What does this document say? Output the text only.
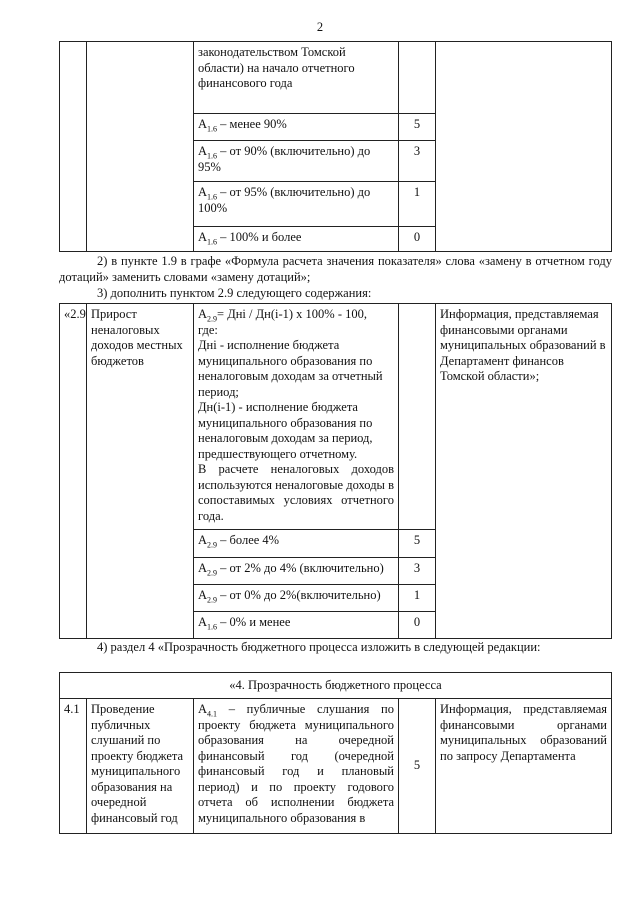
2
		законодательством Томской области) на начало отчетного финансового года		
		$А_{1.6}$ – менее 90%	5	
		$А_{1.6}$ – от 90% (включительно) до 95%	3	
		$А_{1.6}$ – от 95% (включительно) до 100%	1	
		$А_{1.6} - 100\%$ и более	0	
2) в пункте 1.9 в графе «Формула расчета значения показателя» слова «замену в отчетном году дотаций» заменить словами «замену дотаций»;
3) дополнить пунктом 2.9 следующего содержания:
«2.9	Прирост неналоговых доходов местных бюджетов	$А_{2.9}=$ Дні / Дн(і-1) х 100% - 100,
где:
Дні - исполнение бюджета муниципального образования по неналоговым доходам за отчетный период;
Дн(і-1) - исполнение бюджета муниципального образования по неналоговым доходам за период, предшествующего отчетному.
В расчете неналоговых доходов используются неналоговые доходы в сопоставимых условиях отчетного года.		Информация, представляемая финансовыми органами муниципальных образований в Департамент финансов Томской области»;
		$А_{2.9}$ – более 4%	5	
		$А_{2.9}$ – от 2% до 4% (включительно)	3	
		$А_{2.9}$ – от 0% до 2%(включительно)	1	
		$А_{1.6} - 0\%$ и менее	0	
4) раздел 4 «Прозрачность бюджетного процесса изложить в следующей редакции:
«4. Прозрачность бюджетного процесса
4.1	Проведение публичных слушаний по проекту бюджета муниципального образования на очередной финансовый год	$А_{4.1}$ – публичные слушания по проекту бюджета муниципального образования на очередной финансовый год (очередной финансовый год и плановый период) и по проекту годового отчета об исполнении бюджета муниципального образования в	5	Информация, представляемая финансовыми органами муниципальных образований по запросу Департамента
